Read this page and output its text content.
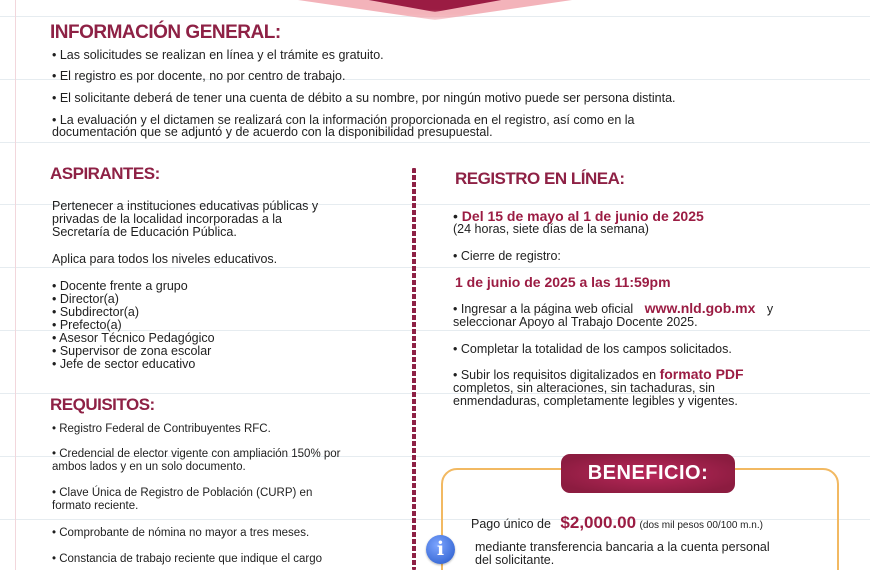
INFORMACIÓN GENERAL:
• Las solicitudes se realizan en línea y el trámite es gratuito.
• El registro es por docente, no por centro de trabajo.
• El solicitante deberá de tener una cuenta de débito a su nombre, por ningún motivo puede ser persona distinta.
• La evaluación y el dictamen se realizará con la información proporcionada en el registro, así como en la
documentación que se adjuntó y de acuerdo con la disponibilidad presupuestal.
ASPIRANTES:
Pertenecer a instituciones educativas públicas y
privadas de la localidad incorporadas a la
Secretaría de Educación Pública.
Aplica para todos los niveles educativos.
• Docente frente a grupo
• Director(a)
• Subdirector(a)
• Prefecto(a)
• Asesor Técnico Pedagógico
• Supervisor de zona escolar
• Jefe de sector educativo
REQUISITOS:
• Registro Federal de Contribuyentes RFC.
• Credencial de elector vigente con ampliación 150% por
ambos lados y en un solo documento.
• Clave Única de Registro de Población (CURP) en
formato reciente.
• Comprobante de nómina no mayor a tres meses.
• Constancia de trabajo reciente que indique el cargo
REGISTRO EN LÍNEA:
• Del 15 de mayo al 1 de junio de 2025
(24 horas, siete días de la semana)
• Cierre de registro:
1 de junio de 2025 a las 11:59pm
• Ingresar a la página web oficial www.nld.gob.mx y
seleccionar Apoyo al Trabajo Docente 2025.
• Completar la totalidad de los campos solicitados.
• Subir los requisitos digitalizados en formato PDF
completos, sin alteraciones, sin tachaduras, sin
enmendaduras, completamente legibles y vigentes.
BENEFICIO:
Pago único de $2,000.00 (dos mil pesos 00/100 m.n.)
i	mediante transferencia bancaria a la cuenta personal
del solicitante.
